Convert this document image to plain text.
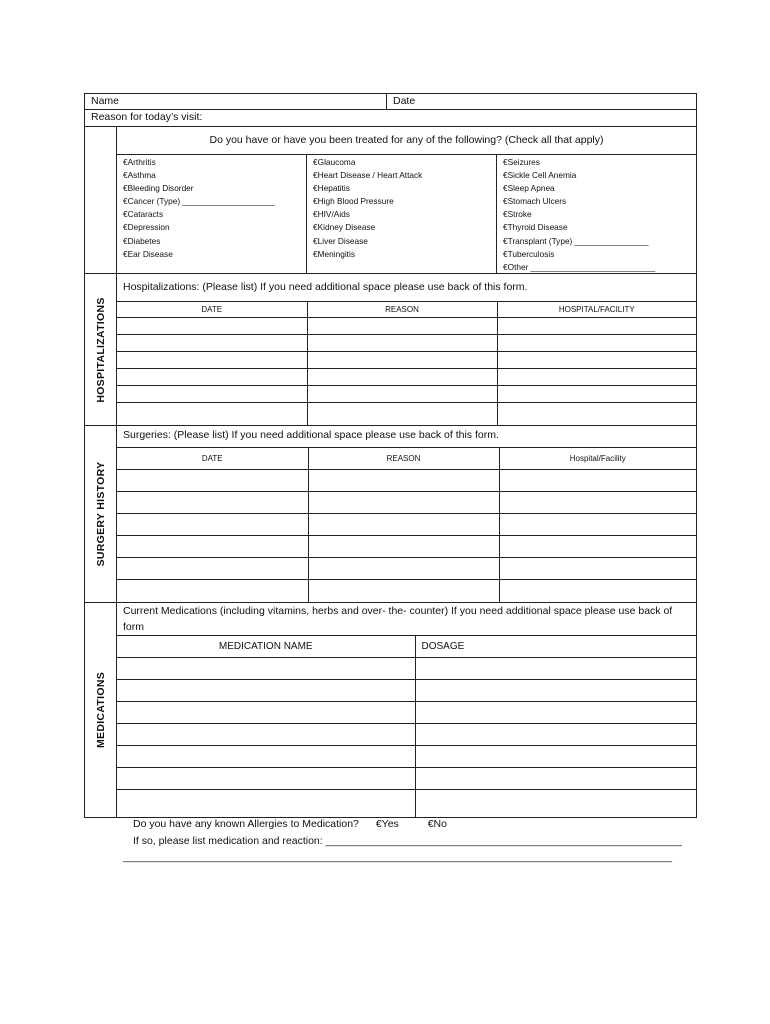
Name	Date
Reason for today’s visit:
Do you have or have you been treated for any of the following? (Check all that apply)
€Arthritis
€Asthma
€Bleeding Disorder
€Cancer (Type) ____________________
€Cataracts
€Depression
€Diabetes
€Ear Disease
€Glaucoma
€Heart Disease / Heart Attack
€Hepatitis
€High Blood Pressure
€HIV/Aids
€Kidney Disease
€Liver Disease
€Meningitis
€Seizures
€Sickle Cell Anemia
€Sleep Apnea
€Stomach Ulcers
€Stroke
€Thyroid Disease
€Transplant (Type) ________________
€Tuberculosis
€Other ___________________________
HOSPITALIZATIONS
Hospitalizations: (Please list) If you need additional space please use back of this form.
DATE	REASON	HOSPITAL/FACILITY

SURGERY HISTORY
Surgeries: (Please list) If you need additional space please use back of this form.
DATE	REASON	Hospital/Facility

MEDICATIONS
Current Medications (including vitamins, herbs and over- the- counter) If you need additional space please use back of form
MEDICATION NAME	DOSAGE

Do you have any known Allergies to Medication? €Yes	€No
If so, please list medication and reaction: _____________________________________________________________
______________________________________________________________________________________________
